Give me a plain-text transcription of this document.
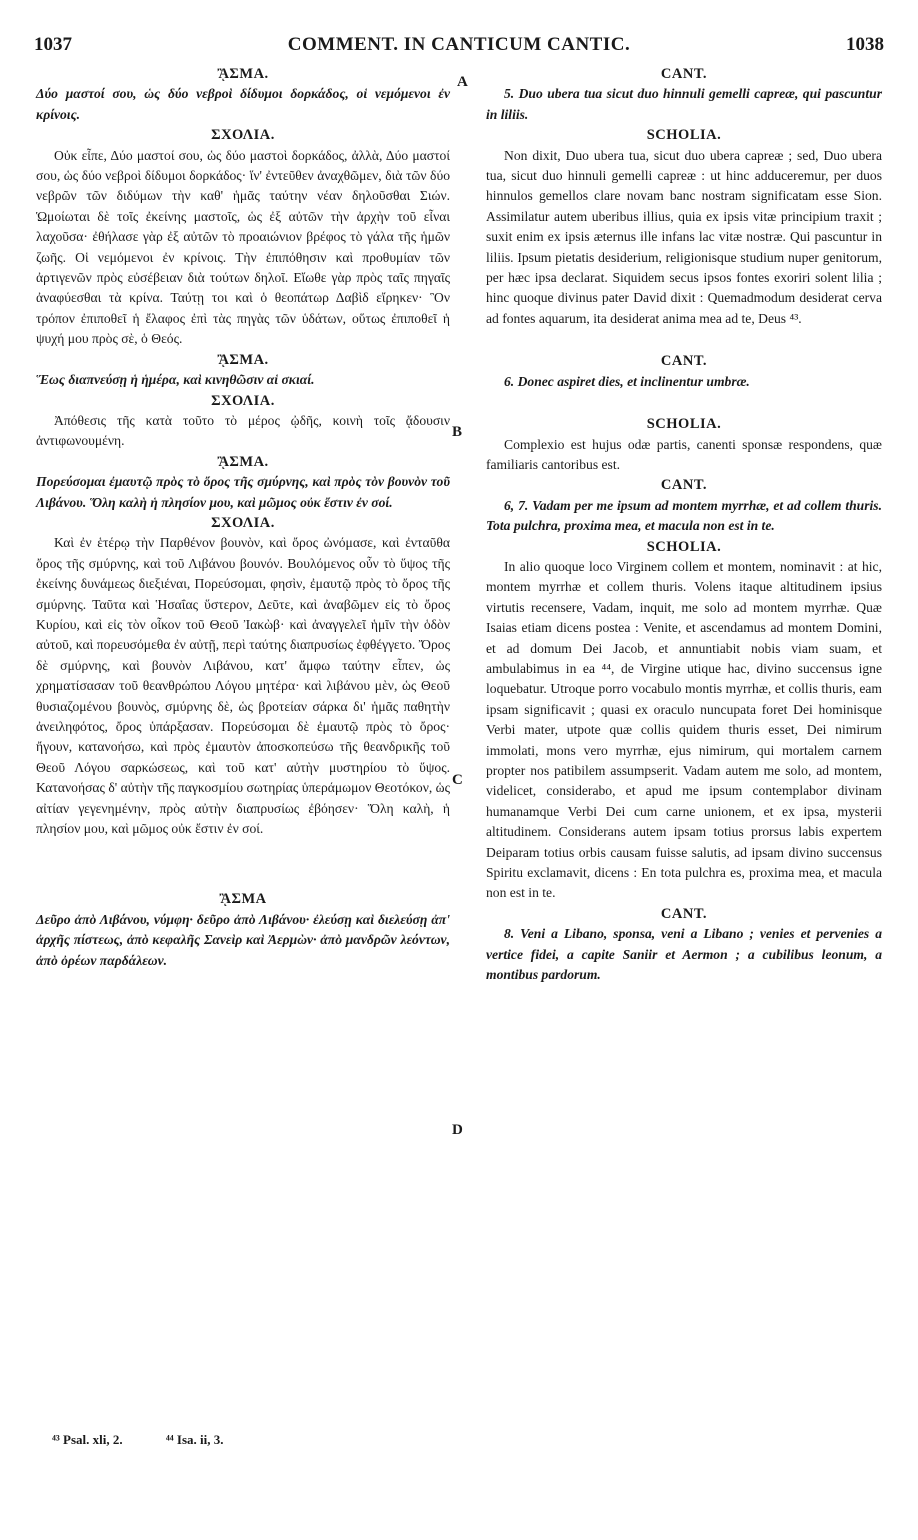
1037	COMMENT. IN CANTICUM CANTIC.	1038
A
B
C
D
ᾊΣΜΑ.

Δύο μαστοί σου, ὡς δύο νεβροὶ δίδυμοι δορκάδος, οἱ νεμόμενοι ἐν κρίνοις.

ΣΧΟΛΙΑ.

Οὐκ εἶπε, Δύο μαστοί σου, ὡς δύο μαστοὶ δορκάδος, ἀλλὰ, Δύο μαστοί σου, ὡς δύο νεβροὶ δίδυμοι δορκάδος· ἵν' ἐντεῦθεν ἀναχθῶμεν, διὰ τῶν δύο νεβρῶν τῶν διδύμων τὴν καθ' ἡμᾶς ταύτην νέαν δηλοῦσθαι Σιών. Ὡμοίωται δὲ τοῖς ἐκείνης μαστοῖς, ὡς ἐξ αὐτῶν τὴν ἀρχὴν τοῦ εἶναι λαχοῦσα· ἐθήλασε γὰρ ἐξ αὐτῶν τὸ προαιώνιον βρέφος τὸ γάλα τῆς ἡμῶν ζωῆς. Οἱ νεμόμενοι ἐν κρίνοις. Τὴν ἐπιπόθησιν καὶ προθυμίαν τῶν ἀρτιγενῶν πρὸς εὐσέβειαν διὰ τούτων δηλοῖ. Εἴωθε γὰρ πρὸς ταῖς πηγαῖς ἀναφύεσθαι τὰ κρίνα. Ταύτῃ τοι καὶ ὁ θεοπάτωρ Δαβὶδ εἴρηκεν· Ὃν τρόπον ἐπιποθεῖ ἡ ἔλαφος ἐπὶ τὰς πηγὰς τῶν ὑδάτων, οὕτως ἐπιποθεῖ ἡ ψυχή μου πρὸς σὲ, ὁ Θεός.

ᾊΣΜΑ.

Ἕως διαπνεύσῃ ἡ ἡμέρα, καὶ κινηθῶσιν αἱ σκιαί.

ΣΧΟΛΙΑ.

Ἀπόθεσις τῆς κατὰ τοῦτο τὸ μέρος ᾠδῆς, κοινὴ τοῖς ᾄδουσιν ἀντιφωνουμένη.

ᾊΣΜΑ.

Πορεύσομαι ἐμαυτῷ πρὸς τὸ ὄρος τῆς σμύρνης, καὶ πρὸς τὸν βουνὸν τοῦ Λιβάνου. Ὅλη καλὴ ἡ πλησίον μου, καὶ μῶμος οὐκ ἔστιν ἐν σοί.

ΣΧΟΛΙΑ.

Καὶ ἐν ἑτέρῳ τὴν Παρθένον βουνὸν, καὶ ὄρος ὠνόμασε, καὶ ἐνταῦθα ὄρος τῆς σμύρνης, καὶ τοῦ Λιβάνου βουνόν. Βουλόμενος οὖν τὸ ὕψος τῆς ἐκείνης δυνάμεως διεξιέναι, Πορεύσομαι, φησὶν, ἐμαυτῷ πρὸς τὸ ὄρος τῆς σμύρνης. Ταῦτα καὶ Ἡσαΐας ὕστερον, Δεῦτε, καὶ ἀναβῶμεν εἰς τὸ ὄρος Κυρίου, καὶ εἰς τὸν οἶκον τοῦ Θεοῦ Ἰακὼβ· καὶ ἀναγγελεῖ ἡμῖν τὴν ὁδὸν αὐτοῦ, καὶ πορευσόμεθα ἐν αὐτῇ, περὶ ταύτης διαπρυσίως ἐφθέγγετο. Ὄρος δὲ σμύρνης, καὶ βουνὸν Λιβάνου, κατ' ἄμφω ταύτην εἶπεν, ὡς χρηματίσασαν τοῦ θεανθρώπου Λόγου μητέρα· καὶ λιβάνου μὲν, ὡς Θεοῦ θυσιαζομένου βουνὸς, σμύρνης δὲ, ὡς βροτείαν σάρκα δι' ἡμᾶς παθητὴν ἀνειληφότος, ὄρος ὑπάρξασαν. Πορεύσομαι δὲ ἐμαυτῷ πρὸς τὸ ὄρος· ἤγουν, κατανοήσω, καὶ πρὸς ἐμαυτὸν ἀποσκοπεύσω τῆς θεανδρικῆς τοῦ Θεοῦ Λόγου σαρκώσεως, καὶ τοῦ κατ' αὐτὴν μυστηρίου τὸ ὕψος. Κατανοήσας δ' αὐτὴν τῆς παγκοσμίου σωτηρίας ὑπεράμωμον Θεοτόκον, ὡς αἰτίαν γεγενημένην, πρὸς αὐτὴν διαπρυσίως ἐβόησεν· Ὅλη καλὴ, ἡ πλησίον μου, καὶ μῶμος οὐκ ἔστιν ἐν σοί.

ᾊΣΜΑ

Δεῦρο ἀπὸ Λιβάνου, νύμφη· δεῦρο ἀπὸ Λιβάνου· ἐλεύσῃ καὶ διελεύσῃ ἀπ' ἀρχῆς πίστεως, ἀπὸ κεφαλῆς Σανεὶρ καὶ Ἀερμὼν· ἀπὸ μανδρῶν λεόντων, ἀπὸ ὀρέων παρδάλεων.

CANT.

5. Duo ubera tua sicut duo hinnuli gemelli capreæ, qui pascuntur in liliis.

SCHOLIA.

Non dixit, Duo ubera tua, sicut duo ubera capreæ ; sed, Duo ubera tua, sicut duo hinnuli gemelli capreæ : ut hinc adduceremur, per duos hinnulos gemellos clare novam banc nostram significatam esse Sion. Assimilatur autem uberibus illius, quia ex ipsis vitæ principium traxit ; suxit enim ex ipsis æternus ille infans lac vitæ nostræ. Qui pascuntur in liliis. Ipsum pietatis desiderium, religionisque studium nuper genitorum, per hæc ipsa declarat. Siquidem secus ipsos fontes exoriri solent lilia ; hinc quoque divinus pater David dixit : Quemadmodum desiderat cerva ad fontes aquarum, ita desiderat anima mea ad te, Deus ⁴³.

CANT.

6. Donec aspiret dies, et inclinentur umbræ.

SCHOLIA.

Complexio est hujus odæ partis, canenti sponsæ respondens, quæ familiaris cantoribus est.

CANT.

6, 7. Vadam per me ipsum ad montem myrrhæ, et ad collem thuris. Tota pulchra, proxima mea, et macula non est in te.

SCHOLIA.

In alio quoque loco Virginem collem et montem, nominavit : at hic, montem myrrhæ et collem thuris. Volens itaque altitudinem ipsius virtutis recensere, Vadam, inquit, me solo ad montem myrrhæ. Quæ Isaias etiam dicens postea : Venite, et ascendamus ad montem Domini, et ad domum Dei Jacob, et annuntiabit nobis viam suam, et ambulabimus in ea ⁴⁴, de Virgine utique hac, divino succensus igne loquebatur. Utroque porro vocabulo montis myrrhæ, et collis thuris, eam ipsam significavit ; quasi ex oraculo nuncupata foret Dei hominisque Verbi mater, utpote quæ collis quidem thuris esset, Dei nimirum immolati, mons vero myrrhæ, ejus nimirum, qui mortalem carnem propter nos patibilem assumpserit. Vadam autem me solo, ad montem, videlicet, considerabo, et apud me ipsum contemplabor divinam humanamque Verbi Dei cum carne unionem, et ex ipsa, mysterii altitudinem. Considerans autem ipsam totius prorsus labis expertem Deiparam totius orbis causam fuisse salutis, ad ipsam divino succensus Spiritu exclamavit, dicens : En tota pulchra es, proxima mea, et macula non est in te.

CANT.

8. Veni a Libano, sponsa, veni a Libano ; venies et pervenies a vertice fidei, a capite Saniir et Aermon ; a cubilibus leonum, a montibus pardorum.

⁴³ Psal. xli, 2.	⁴⁴ Isa. ii, 3.
